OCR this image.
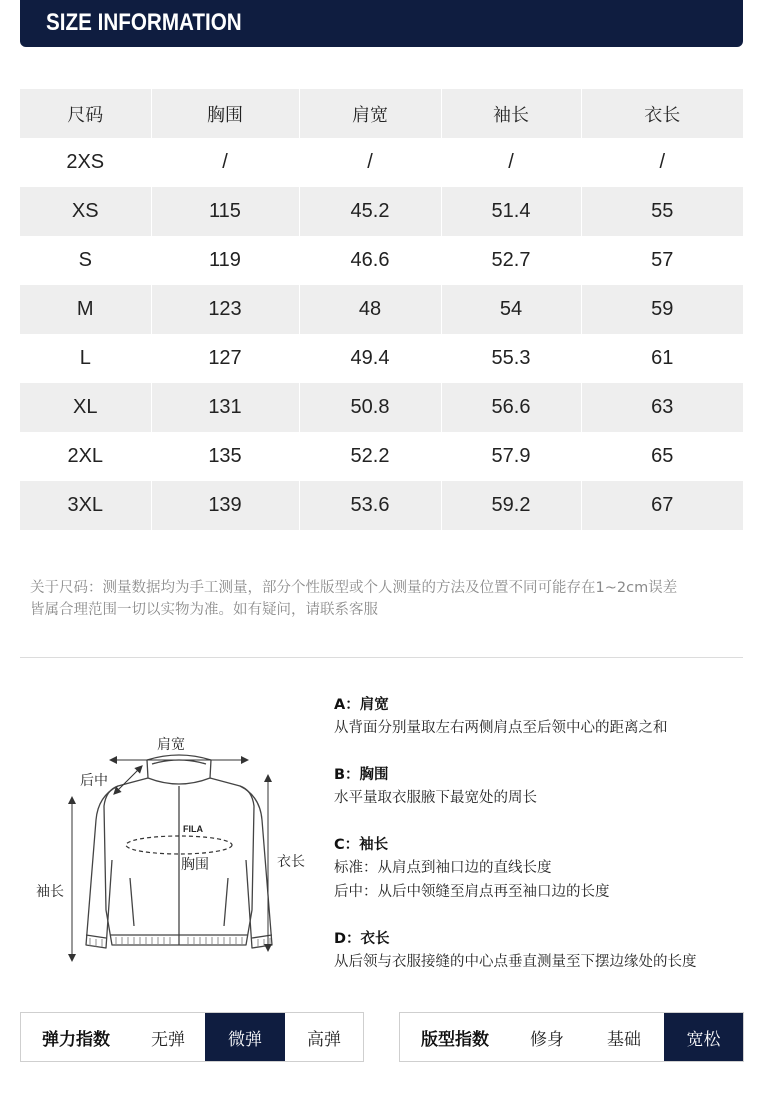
SIZE INFORMATION
尺码	胸围	肩宽	袖长	衣长
2XS	/	/	/	/
XS	115	45.2	51.4	55
S	119	46.6	52.7	57
M	123	48	54	59
L	127	49.4	55.3	61
XL	131	50.8	56.6	63
2XL	135	52.2	57.9	65
3XL	139	53.6	59.2	67
关于尺码：测量数据均为手工测量，部分个性版型或个人测量的方法及位置不同可能存在1~2cm误差
皆属合理范围一切以实物为准。如有疑问，请联系客服
FILA
肩宽
后中
胸围	衣长
袖长
A：肩宽
从背面分别量取左右两侧肩点至后领中心的距离之和
B：胸围
水平量取衣服腋下最宽处的周长
C：袖长
标准：从肩点到袖口边的直线长度
后中：从后中领缝至肩点再至袖口边的长度
D：衣长
从后领与衣服接缝的中心点垂直测量至下摆边缘处的长度
弹力指数	无弹	微弹	高弹	版型指数	修身	基础	宽松
